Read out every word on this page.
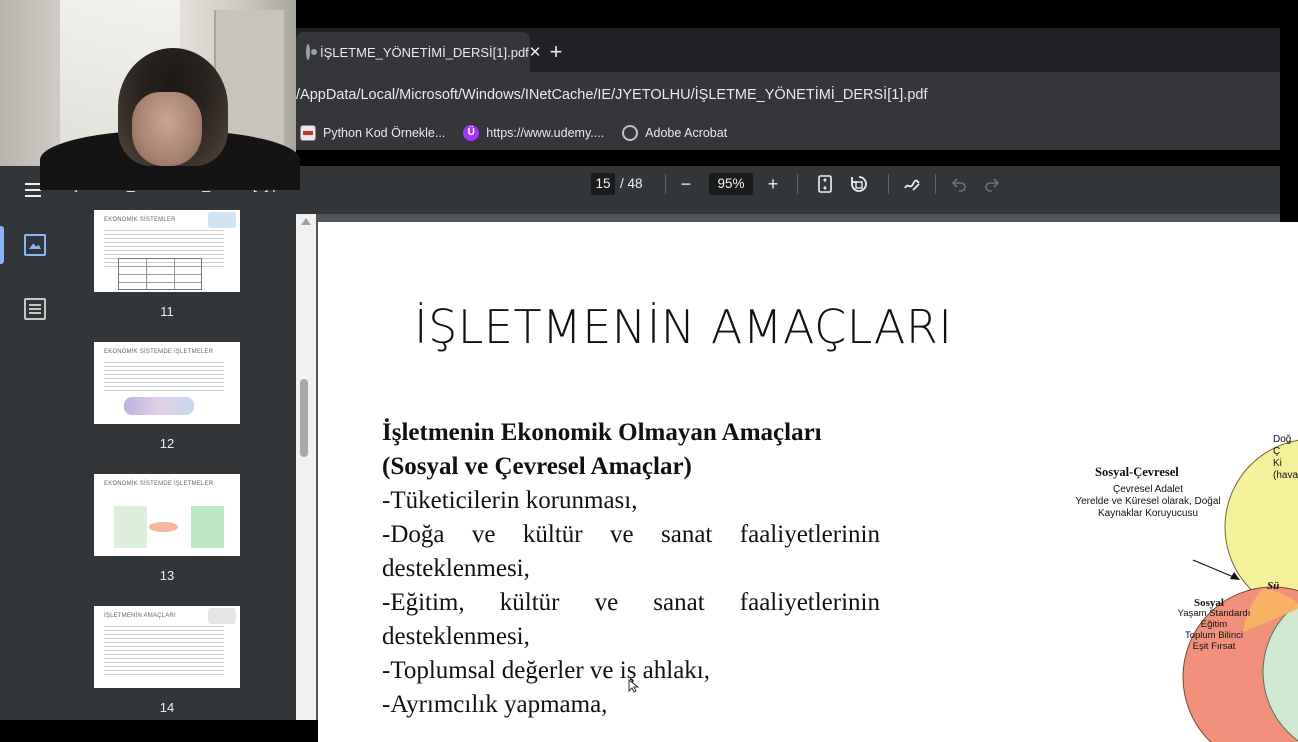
İŞLETME_YÖNETİMİ_DERSİ[1].pdf ✕ +
/AppData/Local/Microsoft/Windows/INetCache/IE/JYETOLHU/İŞLETME_YÖNETİMİ_DERSİ[1].pdf
Python Kod Örnekle...	Ü https://www.udemy....	Adobe Acrobat
15 / 48	−	95%	+
EKONOMİK SİSTEMLER
11
EKONOMİK SİSTEMDE İŞLETMELER
12
EKONOMİK SİSTEMDE İŞLETMELER
13
İŞLETMENİN AMAÇLARI
14
İŞLETMENİN AMAÇLARI
İşletmenin Ekonomik Olmayan Amaçları
(Sosyal ve Çevresel Amaçlar)
-Tüketicilerin korunması,
-Doğa ve kültür ve sanat faaliyetlerinin desteklenmesi,
-Eğitim, kültür ve sanat faaliyetlerinin desteklenmesi,
-Toplumsal değerler ve iş ahlakı,
-Ayrımcılık yapmama,
Sosyal-Çevresel
Çevresel Adalet
Yerelde ve Küresel olarak, Doğal Kaynaklar Koruyucusu
Sosyal
Yaşam Standardı
Eğitim
Toplum Bilinci
Eşit Fırsat
Doğ
Ç
Ki
(hava
Sü
